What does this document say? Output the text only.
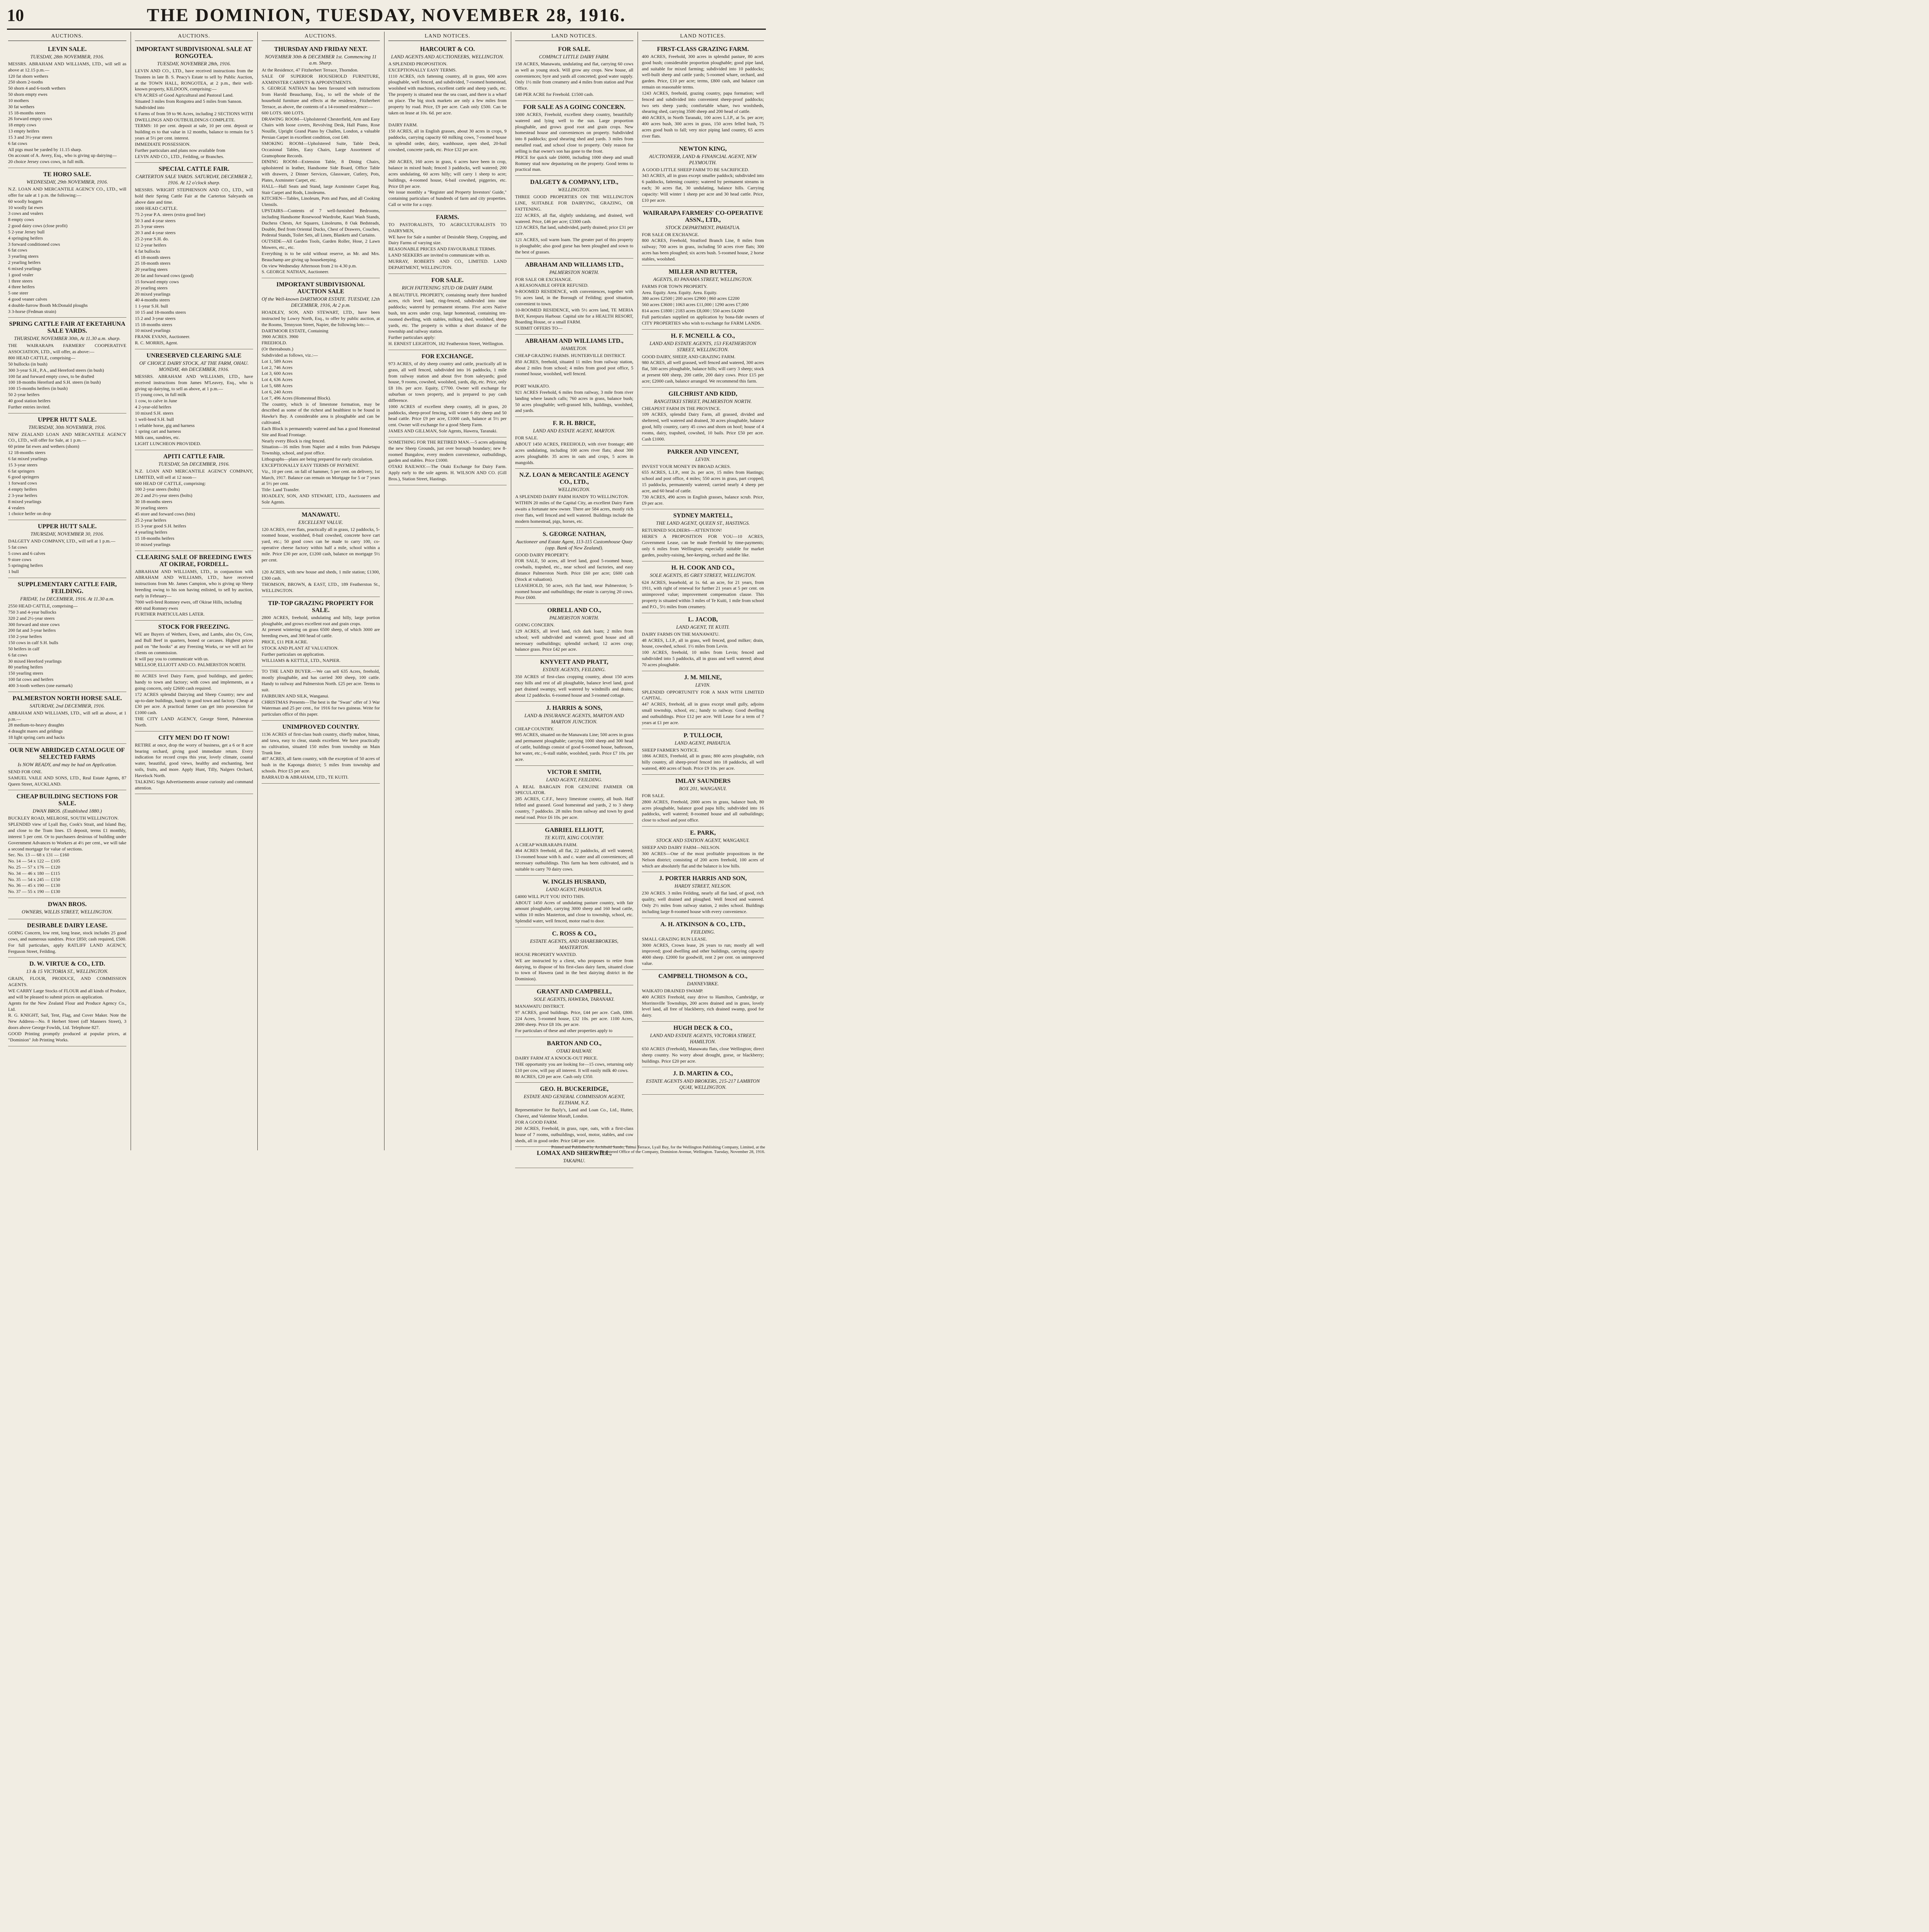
10	THE DOMINION, TUESDAY, NOVEMBER 28, 1916.
AUCTIONS.
LEVIN SALE.
TUESDAY, 28th NOVEMBER, 1916.
MESSRS. ABRAHAM AND WILLIAMS, LTD., will sell as above at 12.15 p.m.—
120 fat shorn wethers
250 shorn 2-tooths
50 shorn 4 and 6-tooth wethers
50 shorn empty ewes
10 mothers
30 fat wethers
15 18-months steers
26 forward empty cows
18 empty cows
13 empty heifers
15 3 and 3½-year steers
6 fat cows
All pigs must be yarded by 11.15 sharp.
On account of A. Avery, Esq., who is giving up dairying—
20 choice Jersey cows cows, in full milk.
TE HORO SALE.
WEDNESDAY, 29th NOVEMBER, 1916.
N.Z. LOAN AND MERCANTILE AGENCY CO., LTD., will offer for sale at 1 p.m. the following:—
60 woolly hoggets
10 woolly fat ewes
3 cows and vealers
8 empty cows
2 good dairy cows (close profit)
5 2-year Jersey bull
4 springing heifers
3 forward conditioned cows
6 fat cows
3 yearling steers
2 yearling heifers
6 mixed yearlings
1 good vealer
1 three steers
4 three heifers
5 one steer
4 good veaner calves
4 double-furrow Booth McDonald ploughs
3 3-horse (Fedman strain)
SPRING CATTLE FAIR AT EKETAHUNA SALE YARDS.
THURSDAY, NOVEMBER 30th, At 11.30 a.m. sharp.
THE WAIRARAPA FARMERS' COOPERATIVE ASSOCIATION, LTD., will offer, as above:—
800 HEAD CATTLE, comprising—
50 bullocks (in bush)
300 3-year S.H., P.A., and Hereford steers (in bush)
100 fat and forward empty cows, to be drafted
100 18-months Hereford and S.H. steers (in bush)
100 15-months heifers (in bush)
50 2-year heifers
40 good station heifers
Further entries invited.
UPPER HUTT SALE.
THURSDAY, 30th NOVEMBER, 1916.
NEW ZEALAND LOAN AND MERCANTILE AGENCY CO., LTD., will offer for Sale, at 1 p.m.—
60 prime fat ewes and wethers (shorn)
12 18-months steers
6 fat mixed yearlings
15 3-year steers
6 fat springers
6 good springers
1 forward cows
4 empty heifers
2 3-year heifers
8 mixed yearlings
4 vealers
1 choice heifer on drop
UPPER HUTT SALE.
THURSDAY, NOVEMBER 30, 1916.
DALGETY AND COMPANY, LTD., will sell at 1 p.m.—
5 fat cows
5 cows and 6 calves
9 store cows
5 springing heifers
1 bull
SUPPLEMENTARY CATTLE FAIR, FEILDING.
FRIDAY, 1st DECEMBER, 1916. At 11.30 a.m.
2550 HEAD CATTLE, comprising—
750 3 and 4-year bullocks
320 2 and 2½-year steers
300 forward and store cows
200 fat and 3-year heifers
150 2-year heifers
150 cows in calf S.H. bulls
50 heifers in calf
6 fat cows
30 mixed Hereford yearlings
80 yearling heifers
150 yearling steers
100 fat cows and heifers
400 3-tooth wethers (one earmark)
PALMERSTON NORTH HORSE SALE.
SATURDAY, 2nd DECEMBER, 1916.
ABRAHAM AND WILLIAMS, LTD., will sell as above, at 1 p.m.—
28 medium-to-heavy draughts
4 draught mares and geldings
18 light spring carts and hacks
OUR NEW ABRIDGED CATALOGUE OF SELECTED FARMS
Is NOW READY, and may be had on Application.
SEND FOR ONE.
SAMUEL VAILE AND SONS, LTD., Real Estate Agents, 87 Queen Street, AUCKLAND.
CHEAP BUILDING SECTIONS FOR SALE.
DWAN BROS. (Established 1880.)
BUCKLEY ROAD, MELROSE, SOUTH WELLINGTON.
SPLENDID view of Lyall Bay, Cook's Strait, and Island Bay, and close to the Tram lines. £5 deposit, terms £1 monthly, interest 5 per cent. Or to purchasers desirous of building under Government Advances to Workers at 4½ per cent., we will take a second mortgage for value of sections.
Sec. No. 13 — 68 x 131 — £160
No. 14 — 54 x 122 — £105
No. 25 — 57 x 176 — £120
No. 34 — 46 x 180 — £115
No. 35 — 54 x 245 — £150
No. 36 — 45 x 190 — £130
No. 37 — 55 x 190 — £130
DWAN BROS.
OWNERS, WILLIS STREET, WELLINGTON.
DESIRABLE DAIRY LEASE.
GOING Concern, low rent, long lease, stock includes 25 good cows, and numerous sundries. Price £850; cash required, £500. For full particulars, apply RATLIFF LAND AGENCY, Ferguson Street, Feilding.
D. W. VIRTUE & CO., LTD.
13 & 15 VICTORIA ST., WELLINGTON.
GRAIN, FLOUR, PRODUCE, AND COMMISSION AGENTS.
WE CARRY Large Stocks of FLOUR and all kinds of Produce, and will be pleased to submit prices on application.
Agents for the New Zealand Flour and Produce Agency Co., Ltd.
R. G. KNIGHT, Sail, Tent, Flag, and Cover Maker. Note the New Address—No. 8 Herbert Street (off Manners Street), 3 doors above George Fowlds, Ltd. Telephone 827.
GOOD Printing promptly produced at popular prices, at "Dominion" Job Printing Works.
AUCTIONS.
IMPORTANT SUBDIVISIONAL SALE AT RONGOTEA.
TUESDAY, NOVEMBER 28th, 1916.
LEVIN AND CO., LTD., have received instructions from the Trustees in late B. S. Peacy's Estate to sell by Public Auction, at the TOWN HALL, RONGOTEA, at 2 p.m., their well-known property, KILDOON, comprising:—
678 ACRES of Good Agricultural and Pastoral Land.
Situated 3 miles from Rongotea and 5 miles from Sanson.
Subdivided into
6 Farms of from 59 to 96 Acres, including 2 SECTIONS WITH DWELLINGS AND OUTBUILDINGS COMPLETE.
TERMS: 10 per cent. deposit at sale, 10 per cent. deposit or building es to that value in 12 months, balance to remain for 5 years at 5½ per cent. interest.
IMMEDIATE POSSESSION.
Further particulars and plans now available from
LEVIN AND CO., LTD., Feilding, or Branches.
SPECIAL CATTLE FAIR.
CARTERTON SALE YARDS. SATURDAY, DECEMBER 2, 1916. At 12 o'clock sharp.
MESSRS. WRIGHT STEPHENSON AND CO., LTD., will hold their Spring Cattle Fair at the Carterton Saleyards on above date and time.
1000 HEAD CATTLE.
75 2-year P.A. steers (extra good line)
50 3 and 4-year steers
25 3-year steers
20 3 and 4-year steers
25 2-year S.H. do.
12 2-year heifers
6 fat bullocks
45 18-month steers
25 18-month steers
20 yearling steers
20 fat and forward cows (good)
15 forward empty cows
20 yearling steers
20 mixed yearlings
40 4-months steers
1 1-year S.H. bull
10 15 and 18-months steers
15 2 and 3-year steers
15 18-months steers
10 mixed yearlings
FRANK EVANS, Auctioneer.
R. C. MORRIS, Agent.
UNRESERVED CLEARING SALE
OF CHOICE DAIRY STOCK, AT THE FARM, OHAU. MONDAY, 4th DECEMBER, 1916.
MESSRS. ABRAHAM AND WILLIAMS, LTD., have received instructions from James M'Leavey, Esq., who is giving up dairying, to sell as above, at 1 p.m.—
15 young cows, in full milk
1 cow, to calve in June
4 2-year-old heifers
10 mixed S.H. steers
1 well-bred S.H. bull
1 reliable horse, gig and harness
1 spring cart and harness
Milk cans, sundries, etc.
LIGHT LUNCHEON PROVIDED.
APITI CATTLE FAIR.
TUESDAY, 5th DECEMBER, 1916.
N.Z. LOAN AND MERCANTILE AGENCY COMPANY, LIMITED, will sell at 12 noon—
600 HEAD OF CATTLE, comprising:
100 2-year steers (bolts)
20 2 and 2½-year steers (bolts)
30 18-months steers
30 yearling steers
45 store and forward cows (bits)
25 2-year heifers
15 3-year good S.H. heifers
4 yearling heifers
15 18-months heifers
10 mixed yearlings
CLEARING SALE OF BREEDING EWES AT OKIRAE, FORDELL.
ABRAHAM AND WILLIAMS, LTD., in conjunction with ABRAHAM AND WILLIAMS, LTD., have received instructions from Mr. James Campion, who is giving up Sheep breeding owing to his son having enlisted, to sell by auction, early in February—
7000 well-bred Romney ewes, off Okirae Hills, including
400 stud Romney ewes
FURTHER PARTICULARS LATER.
STOCK FOR FREEZING.
WE are Buyers of Wethers, Ewes, and Lambs, also Ox, Cow, and Bull Beef in quarters, boned or carcases. Highest prices paid on "the hooks" at any Freezing Works, or we will act for clients on commission.
It will pay you to communicate with us.
MELLSOP, ELLIOTT AND CO. PALMERSTON NORTH.
80 ACRES level Dairy Farm, good buildings, and garden; handy to town and factory; with cows and implements, as a going concern, only £2600 cash required.
172 ACRES splendid Dairying and Sheep Country; new and up-to-date buildings, handy to good town and factory. Cheap at £30 per acre. A practical farmer can get into possession for £1000 cash.
THE CITY LAND AGENCY, George Street, Palmerston North.
CITY MEN! DO IT NOW!
RETIRE at once, drop the worry of business, get a 6 or 8 acre bearing orchard, giving good immediate return. Every indication for record crops this year, lovely climate, coastal water, beautiful, good views, healthy and enchanting, best soils, fruits, and more. Apply Hunt, Tilly, Nalgers Orchard, Havelock North.
TALKING Sign Advertisements arouse curiosity and command attention.
AUCTIONS.
THURSDAY AND FRIDAY NEXT.
NOVEMBER 30th & DECEMBER 1st. Commencing 11 a.m. Sharp.
At the Residence, 47 Fitzherbert Terrace, Thorndon.
SALE OF SUPERIOR HOUSEHOLD FURNITURE, AXMINSTER CARPETS & APPOINTMENTS.
S. GEORGE NATHAN has been favoured with instructions from Harold Beauchamp, Esq., to sell the whole of the household furniture and effects at the residence, Fitzherbert Terrace, as above, the contents of a 14-roomed residence:—
600 LOTS. 600 LOTS.
DRAWING ROOM—Upholstered Chesterfield, Arm and Easy Chairs with loose covers, Revolving Desk, Hall Piano, Rose Nouille, Upright Grand Piano by Challen, London, a valuable Persian Carpet in excellent condition, cost £40.
SMOKING ROOM—Upholstered Suite, Table Desk, Occasional Tables, Easy Chairs, Large Assortment of Gramophone Records.
DINING ROOM—Extension Table, 8 Dining Chairs, upholstered in leather, Handsome Side Board, Office Table with drawers, 2 Dinner Services, Glassware, Cutlery, Pots, Plates, Axminster Carpet, etc.
HALL—Hall Seats and Stand, large Axminster Carpet Rug, Stair Carpet and Rods, Linoleums.
KITCHEN—Tables, Linoleum, Pots and Pans, and all Cooking Utensils.
UPSTAIRS—Contents of 7 well-furnished Bedrooms, including Handsome Rosewood Wardrobe, Kauri Wash Stands, Duchess Chests, Art Squares, Linoleums, 8 Oak Bedsteads, Double, Bed from Oriental Ducks, Chest of Drawers, Couches, Pedestal Stands, Toilet Sets, all Linen, Blankets and Curtains.
OUTSIDE—All Garden Tools, Garden Roller, Hose, 2 Lawn Mowers, etc., etc.
Everything is to be sold without reserve, as Mr. and Mrs. Beauchamp are giving up housekeeping.
On view Wednesday Afternoon from 2 to 4.30 p.m.
S. GEORGE NATHAN, Auctioneer.
IMPORTANT SUBDIVISIONAL AUCTION SALE
Of the Well-known DARTMOOR ESTATE. TUESDAY, 12th DECEMBER, 1916, At 2 p.m.
HOADLEY, SON, AND STEWART, LTD., have been instructed by Lowry North, Esq., to offer by public auction, at the Rooms, Tennyson Street, Napier, the following lots:—
DARTMOOR ESTATE, Containing
3900 ACRES. 3900
FREEHOLD.
(Or thereabouts.)
Subdivided as follows, viz.:—
Lot 1, 589 Acres
Lot 2, 746 Acres
Lot 3, 600 Acres
Lot 4, 636 Acres
Lot 5, 688 Acres
Lot 6, 240 Acres
Lot 7, 496 Acres (Homestead Block).
The country, which is of limestone formation, may be described as some of the richest and healthiest to be found in Hawke's Bay. A considerable area is ploughable and can be cultivated.
Each Block is permanently watered and has a good Homestead Site and Road Frontage.
Nearly every Block is ring fenced.
Situation—16 miles from Napier and 4 miles from Puketapu Township, school, and post office.
Lithographs—plans are being prepared for early circulation.
EXCEPTIONALLY EASY TERMS OF PAYMENT.
Viz., 10 per cent. on fall of hammer, 5 per cent. on delivery, 1st March, 1917. Balance can remain on Mortgage for 5 or 7 years at 5½ per cent.
Title: Land Transfer.
HOADLEY, SON, AND STEWART, LTD., Auctioneers and Sole Agents.
MANAWATU.
EXCELLENT VALUE.
120 ACRES, river flats, practically all in grass, 12 paddocks, 5-roomed house, woolshed, 8-bail cowshed, concrete hove cart yard, etc.; 50 good cows can be made to carry 100, co-operative cheese factory within half a mile, school within a mile. Price £30 per acre, £1200 cash, balance on mortgage 5½ per cent.

120 ACRES, with new house and sheds, 1 mile station; £1300, £300 cash.
THOMSON, BROWN, & EAST, LTD., 189 Featherston St., WELLINGTON.
TIP-TOP GRAZING PROPERTY FOR SALE.
2800 ACRES, freehold, undulating and hilly, large portion ploughable, and grows excellent root and grain crops.
At present wintering on grass 6500 sheep, of which 3000 are breeding ewes, and 300 head of cattle.
PRICE, £11 PER ACRE.
STOCK AND PLANT AT VALUATION.
Further particulars on application.
WILLIAMS & KETTLE, LTD., NAPIER.
TO THE LAND BUYER.—We can sell 635 Acres, freehold, mostly ploughable, and has carried 300 sheep, 100 cattle. Handy to railway and Palmerston North. £25 per acre. Terms to suit.
FAIRBURN AND SILK, Wanganui.
CHRISTMAS Presents—The best is the "Swan" offer of 3 War Waterman and 25 per cent., for 1916 for two guineas. Write for particulars office of this paper.
UNIMPROVED COUNTRY.
1136 ACRES of first-class bush country, chiefly mahoe, hinau, and tawa, easy to clear, stands excellent. We have practically no cultivation, situated 150 miles from township on Main Trunk line.
407 ACRES, all farm country, with the exception of 50 acres of bush in the Kaponga district; 5 miles from township and schools. Price £5 per acre.
BARRAUD & ABRAHAM, LTD., TE KUITI.
LAND NOTICES.
HARCOURT & CO.
LAND AGENTS AND AUCTIONEERS, WELLINGTON.
A SPLENDID PROPOSITION.
EXCEPTIONALLY EASY TERMS.
1110 ACRES, rich fattening country, all in grass, 600 acres ploughable, well fenced, and subdivided, 7-roomed homestead, woolshed with machines, excellent cattle and sheep yards, etc. The property is situated near the sea coast, and there is a wharf on place. The big stock markets are only a few miles from property by road. Price, £9 per acre. Cash only £500. Can be taken on lease at 10s. 6d. per acre.

DAIRY FARM.
150 ACRES, all in English grasses, about 30 acres in crops, 9 paddocks, carrying capacity 60 milking cows, 7-roomed house in splendid order, dairy, washhouse, open shed, 20-bail cowshed, concrete yards, etc. Price £32 per acre.

260 ACRES, 160 acres in grass, 6 acres have been in crop, balance in mixed bush; fenced 3 paddocks, well watered; 200 acres undulating, 60 acres hilly; will carry 1 sheep to acre; buildings, 4-roomed house, 6-bail cowshed, piggeries, etc. Price £8 per acre.
We issue monthly a "Register and Property Investors' Guide," containing particulars of hundreds of farm and city properties. Call or write for a copy.
FARMS.
TO PASTORALISTS, TO AGRICULTURALISTS TO DAIRYMEN,
WE have for Sale a number of Desirable Sheep, Cropping, and Dairy Farms of varying size.
REASONABLE PRICES AND FAVOURABLE TERMS.
LAND SEEKERS are invited to communicate with us.
MURRAY, ROBERTS AND CO., LIMITED. LAND DEPARTMENT, WELLINGTON.
FOR SALE.
RICH FATTENING STUD OR DAIRY FARM.
A BEAUTIFUL PROPERTY, containing nearly three hundred acres, rich level land, ring-fenced, subdivided into nine paddocks; watered by permanent streams. Five acres Native bush, ten acres under crop, large homestead, containing ten-roomed dwelling, with stables, milking shed, woolshed, sheep yards, etc. The property is within a short distance of the township and railway station.
Further particulars apply:
H. ERNEST LEIGHTON, 182 Featherston Street, Wellington.
FOR EXCHANGE.
973 ACRES, of dry sheep country and cattle, practically all in grass, all well fenced, subdivided into 16 paddocks, 1 mile from railway station and about five from saleyards; good house, 9 rooms, cowshed, woolshed, yards, dip, etc. Price, only £8 10s. per acre. Equity, £7700. Owner will exchange for suburban or town property, and is prepared to pay cash difference.
1000 ACRES of excellent sheep country, all in grass, 20 paddocks, sheep-proof fencing, will winter 6 dry sheep and 50 head cattle. Price £9 per acre, £1000 cash, balance at 5½ per cent. Owner will exchange for a good Sheep Farm.
JAMES AND GILLMAN, Sole Agents, Hawera, Taranaki.
SOMETHING FOR THE RETIRED MAN.—5 acres adjoining the new Sheep Grounds, just over borough boundary; new 8-roomed Bungalow, every modern convenience, outbuildings, garden and stables. Price £1000.
OTAKI RAILWAY.—The Otaki Exchange for Dairy Farm. Apply early to the sole agents. H. WILSON AND CO. (Gill Bros.), Station Street, Hastings.
LAND NOTICES.
FOR SALE.
COMPACT LITTLE DAIRY FARM.
158 ACRES, Manawatu, undulating and flat, carrying 60 cows as well as young stock. Will grow any crops. New house, all conveniences; byre and yards all concreted; good water supply. Only 1½ mile from creamery and 4 miles from station and Post Office.
£40 PER ACRE for Freehold. £1500 cash.
FOR SALE AS A GOING CONCERN.
1000 ACRES, Freehold, excellent sheep country, beautifully watered and lying well to the sun. Large proportion ploughable, and grows good root and grain crops. New homestead house and conveniences on property. Subdivided into 8 paddocks; good shearing shed and yards. 3 miles from metalled road, and school close to property. Only reason for selling is that owner's son has gone to the front.
PRICE for quick sale £6000, including 1000 sheep and small Romney stud now depasturing on the property. Good terms to practical man.
DALGETY & COMPANY, LTD.,
WELLINGTON.
THREE GOOD PROPERTIES ON THE WELLINGTON LINE, SUITABLE FOR DAIRYING, GRAZING, OR FATTENING.
222 ACRES, all flat, slightly undulating, and drained, well watered. Price, £46 per acre; £3300 cash.
123 ACRES, flat land, subdivided, partly drained; price £31 per acre.
121 ACRES, soil warm loam. The greater part of this property is ploughable; also good gorse has been ploughed and sown to the best of grasses.
ABRAHAM AND WILLIAMS LTD.,
PALMERSTON NORTH.
FOR SALE OR EXCHANGE.
A REASONABLE OFFER REFUSED.
9-ROOMED RESIDENCE, with conveniences, together with 5½ acres land, in the Borough of Feilding; good situation, convenient to town.
10-ROOMED RESIDENCE, with 5½ acres land, TE MERIA BAY, Kerepuru Harbour. Capital site for a HEALTH RESORT, Boarding House, or a small FARM.
SUBMIT OFFERS TO—
ABRAHAM AND WILLIAMS LTD.,
HAMILTON.
CHEAP GRAZING FARMS. HUNTERVILLE DISTRICT.
850 ACRES, freehold, situated 11 miles from railway station, about 2 miles from school; 4 miles from good post office, 5 roomed house, woolshed, well fenced.

PORT WAIKATO.
921 ACRES Freehold, 6 miles from railway, 3 mile from river landing where launch calls; 760 acres in grass, balance bush; 50 acres ploughable; well-grassed hills, buildings, woolshed, and yards.
F. R. H. BRICE,
LAND AND ESTATE AGENT, MARTON.
FOR SALE.
ABOUT 1450 ACRES, FREEHOLD, with river frontage; 400 acres undulating, including 100 acres river flats; about 300 acres ploughable. 35 acres in oats and crops, 5 acres in mangolds.
N.Z. LOAN & MERCANTILE AGENCY CO., LTD.,
WELLINGTON.
A SPLENDID DAIRY FARM HANDY TO WELLINGTON.
WITHIN 20 miles of the Capital City, an excellent Dairy Farm awaits a fortunate new owner. There are 584 acres, mostly rich river flats, well fenced and well watered. Buildings include the modern homestead, pigs, horses, etc.
S. GEORGE NATHAN,
Auctioneer and Estate Agent, 113-115 Customhouse Quay (opp. Bank of New Zealand).
GOOD DAIRY PROPERTY.
FOR SALE, 50 acres, all level land, good 5-roomed house, cowbails, trapshed, etc., near school and factories, and easy distance Palmerston North. Price £60 per acre; £600 cash (Stock at valuation).
LEASEHOLD, 50 acres, rich flat land, near Palmerston; 5-roomed house and outbuildings; the estate is carrying 20 cows. Price £600.
ORBELL AND CO.,
PALMERSTON NORTH.
GOING CONCERN.
129 ACRES, all level land, rich dark loam; 2 miles from school; well subdivided and watered; good house and all necessary outbuildings; splendid orchard; 12 acres crop; balance grass. Price £42 per acre.
KNYVETT AND PRATT,
ESTATE AGENTS, FEILDING.
350 ACRES of first-class cropping country, about 150 acres easy hills and rest of all ploughable, balance level land, good part drained swampy, well watered by windmills and drains; about 12 paddocks. 6-roomed house and 3-roomed cottage.
J. HARRIS & SONS,
LAND & INSURANCE AGENTS, MARTON AND MARTON JUNCTION.
CHEAP COUNTRY.
995 ACRES, situated on the Manawatu Line; 500 acres in grass and permanent ploughable; carrying 1000 sheep and 300 head of cattle, buildings consist of good 6-roomed house, bathroom, hot water, etc.; 6-stall stable, woolshed, yards. Price £7 10s. per acre.
VICTOR E SMITH,
LAND AGENT, FEILDING.
A REAL BARGAIN FOR GENUINE FARMER OR SPECULATOR.
285 ACRES, C.F.F., heavy limestone country, all bush. Half felled and grassed. Good homestead and yards, 2 to 3 sheep country, 7 paddocks. 28 miles from railway and town by good metal road. Price £6 10s. per acre.
GABRIEL ELLIOTT,
TE KUITI, KING COUNTRY.
A CHEAP WAIRARAPA FARM.
464 ACRES freehold, all flat, 22 paddocks, all well watered; 13-roomed house with h. and c. water and all conveniences; all necessary outbuildings. This farm has been cultivated, and is suitable to carry 70 dairy cows.
W. INGLIS HUSBAND,
LAND AGENT, PAHIATUA.
£4000 WILL PUT YOU INTO THIS.
ABOUT 1450 Acres of undulating pasture country, with fair amount ploughable, carrying 3000 sheep and 160 head cattle, within 10 miles Masterton, and close to township, school, etc. Splendid water, well fenced, motor road to door.
C. ROSS & CO.,
ESTATE AGENTS, AND SHAREBROKERS, MASTERTON.
HOUSE PROPERTY WANTED.
WE are instructed by a client, who proposes to retire from dairying, to dispose of his first-class dairy farm, situated close to town of Hawera (and in the best dairying district in the Dominion).
GRANT AND CAMPBELL,
SOLE AGENTS, HAWERA, TARANAKI.
MANAWATU DISTRICT.
97 ACRES, good buildings. Price, £44 per acre. Cash, £800. 224 Acres, 5-roomed house, £32 10s. per acre. 1100 Acres, 2000 sheep. Price £8 10s. per acre.
For particulars of these and other properties apply to
BARTON AND CO.,
OTAKI RAILWAY.
DAIRY FARM AT A KNOCK-OUT PRICE.
THE opportunity you are looking for—15 cows, returning only £10 per cow, will pay all interest. It will easily milk 40 cows.
80 ACRES, £20 per acre. Cash only £350.
GEO. H. BUCKERIDGE,
ESTATE AND GENERAL COMMISSION AGENT, ELTHAM, N.Z.
Representative for Bayly's, Land and Loan Co., Ltd., Hutter, Chavez, and Valentine Moraft, London.
FOR A GOOD FARM.
260 ACRES, Freehold, in grass, rape, oats, with a first-class house of 7 rooms, outbuildings, wool, motor, stables, and cow sheds, all in good order. Price £40 per acre.
LOMAX AND SHERWILL,
TAKAPAU.
LAND NOTICES.
FIRST-CLASS GRAZING FARM.
400 ACRES, Freehold, 300 acres in splendid pasture, 80 acres good bush; considerable proportion ploughable; good pipe land, and suitable for mixed farming; subdivided into 10 paddocks; well-built sheep and cattle yards; 5-roomed whare, orchard, and garden. Price, £10 per acre; terms, £800 cash, and balance can remain on reasonable terms.
1243 ACRES, freehold, grazing country, papa formation; well fenced and subdivided into convenient sheep-proof paddocks; two sets sheep yards; comfortable whare, two woolsheds, shearing shed, carrying 3500 sheep and 200 head of cattle.
460 ACRES, in North Taranaki, 100 acres L.I.P., at 5s. per acre; 400 acres bush, 300 acres in grass, 150 acres felled bush, 75 acres good bush to fall; very nice piping land country, 65 acres river flats.
NEWTON KING,
AUCTIONEER, LAND & FINANCIAL AGENT, NEW PLYMOUTH.
A GOOD LITTLE SHEEP FARM TO BE SACRIFICED.
343 ACRES, all in grass except smaller paddock; subdivided into 6 paddocks, fattening country; watered by permanent streams in each; 30 acres flat, 30 undulating, balance hills. Carrying capacity: Will winter 1 sheep per acre and 30 head cattle. Price, £10 per acre.
WAIRARAPA FARMERS' CO-OPERATIVE ASSN., LTD.,
STOCK DEPARTMENT, PAHIATUA.
FOR SALE OR EXCHANGE.
800 ACRES, Freehold, Stratford Branch Line, 8 miles from railway; 700 acres in grass, including 50 acres river flats; 300 acres has been ploughed; six acres bush. 5-roomed house, 2 horse stables, woolshed.
MILLER AND RUTTER,
AGENTS, 83 PANAMA STREET, WELLINGTON.
FARMS FOR TOWN PROPERTY.
Area. Equity. Area. Equity. Area. Equity.
380 acres £2500 | 200 acres £2900 | 860 acres £2200
560 acres £3600 | 1063 acres £11,000 | 1290 acres £7,000
814 acres £1800 | 2183 acres £8,000 | 550 acres £4,000
Full particulars supplied on application by bona-fide owners of CITY PROPERTIES who wish to exchange for FARM LANDS.
H. F. MCNEILL & CO.,
LAND AND ESTATE AGENTS, 153 FEATHERSTON STREET, WELLINGTON.
GOOD DAIRY, SHEEP, AND GRAZING FARM.
980 ACRES, all well grassed, well fenced and watered, 300 acres flat, 500 acres ploughable, balance hills; will carry 3 sheep; stock at present 600 sheep, 200 cattle, 200 dairy cows. Price £15 per acre; £2000 cash, balance arranged. We recommend this farm.
GILCHRIST AND KIDD,
RANGITIKEI STREET, PALMERSTON NORTH.
CHEAPEST FARM IN THE PROVINCE.
109 ACRES, splendid Dairy Farm, all grassed, divided and sheltered, well watered and drained, 30 acres ploughable, balance good, hilly country, carry 45 cows and shorn on hoof; house of 4 rooms, dairy, trapshed, cowshed, 10 bails. Price £50 per acre. Cash £1000.
PARKER AND VINCENT,
LEVIN.
INVEST YOUR MONEY IN BROAD ACRES.
655 ACRES, L.I.P., rent 2s. per acre, 15 miles from Hastings; school and post office, 4 miles; 550 acres in grass, part cropped; 15 paddocks, permanently watered; carried nearly 4 sheep per acre, and 60 head of cattle.
730 ACRES, 490 acres in English grasses, balance scrub. Price, £9 per acre.
SYDNEY MARTELL,
THE LAND AGENT, QUEEN ST., HASTINGS.
RETURNED SOLDIERS—ATTENTION!
HERE'S A PROPOSITION FOR YOU—10 ACRES, Government Lease, can be made Freehold by time-payments; only 6 miles from Wellington; especially suitable for market garden, poultry-raising, bee-keeping, orchard and the like.
H. H. COOK AND CO.,
SOLE AGENTS, 85 GREY STREET, WELLINGTON.
624 ACRES, leasehold, at 1s. 6d. an acre, for 21 years, from 1911, with right of renewal for further 21 years at 5 per cent. on unimproved value; improvement compensation clause. This property is situated within 3 miles of Te Kuiti, 1 mile from school and P.O., 5½ miles from creamery.
L. JACOB,
LAND AGENT, TE KUITI.
DAIRY FARMS ON THE MANAWATU.
48 ACRES, L.I.P., all in grass, well fenced, good milker; drain, house, cowshed, school. 1½ miles from Levin.
100 ACRES, freehold, 10 miles from Levin; fenced and subdivided into 5 paddocks, all in grass and well watered; about 70 acres ploughable.
J. M. MILNE,
LEVIN.
SPLENDID OPPORTUNITY FOR A MAN WITH LIMITED CAPITAL.
447 ACRES, freehold, all in grass except small gully, adjoins small township, school, etc.; handy to railway. Good dwelling and outbuildings. Price £12 per acre. Will Lease for a term of 7 years at £1 per acre.
P. TULLOCH,
LAND AGENT, PAHIATUA.
SHEEP FARMER'S NOTICE.
1866 ACRES, Freehold, all in grass; 800 acres ploughable, rich hilly country, all sheep-proof fenced into 18 paddocks, all well watered, 400 acres of bush. Price £9 10s. per acre.
IMLAY SAUNDERS
BOX 201, WANGANUI.
FOR SALE.
2800 ACRES, Freehold, 2000 acres in grass, balance bush, 80 acres ploughable, balance good papa hills; subdivided into 16 paddocks, well watered; 8-roomed house and all outbuildings; close to school and post office.
E. PARK,
STOCK AND STATION AGENT, WANGANUI.
SHEEP AND DAIRY FARM—NELSON.
300 ACRES—One of the most profitable propositions in the Nelson district; consisting of 200 acres freehold, 100 acres of which are absolutely flat and the balance is low hills.
J. PORTER HARRIS AND SON,
HARDY STREET, NELSON.
230 ACRES. 3 miles Feilding, nearly all flat land, of good, rich quality, well drained and ploughed. Well fenced and watered. Only 2½ miles from railway station, 2 miles school. Buildings including large 8-roomed house with every convenience.
A. H. ATKINSON & CO., LTD.,
FEILDING.
SMALL GRAZING RUN LEASE.
3000 ACRES, Crown lease, 26 years to run; mostly all well improved; good dwelling and other buildings, carrying capacity 4000 sheep. £2000 for goodwill, rent 2 per cent. on unimproved value.
CAMPBELL THOMSON & CO.,
DANNEVIRKE.
WAIKATO DRAINED SWAMP.
400 ACRES Freehold, easy drive to Hamilton, Cambridge, or Morrinsville Townships, 200 acres drained and in grass, lovely level land, all free of blackberry, rich drained swamp, good for dairy.
HUGH DECK & CO.,
LAND AND ESTATE AGENTS, VICTORIA STREET, HAMILTON.
650 ACRES (Freehold), Manawatu flats, close Wellington; direct sheep country. No worry about drought, gorse, or blackberry; buildings. Price £20 per acre.
J. D. MARTIN & CO.,
ESTATE AGENTS AND BROKERS, 215-217 LAMBTON QUAY, WELLINGTON.
Printed and Published by Archibald Sando, Tainui Terrace, Lyall Bay, for the Wellington Publishing Company, Limited, at the Registered Office of the Company, Dominion Avenue, Wellington. Tuesday, November 28, 1916.
